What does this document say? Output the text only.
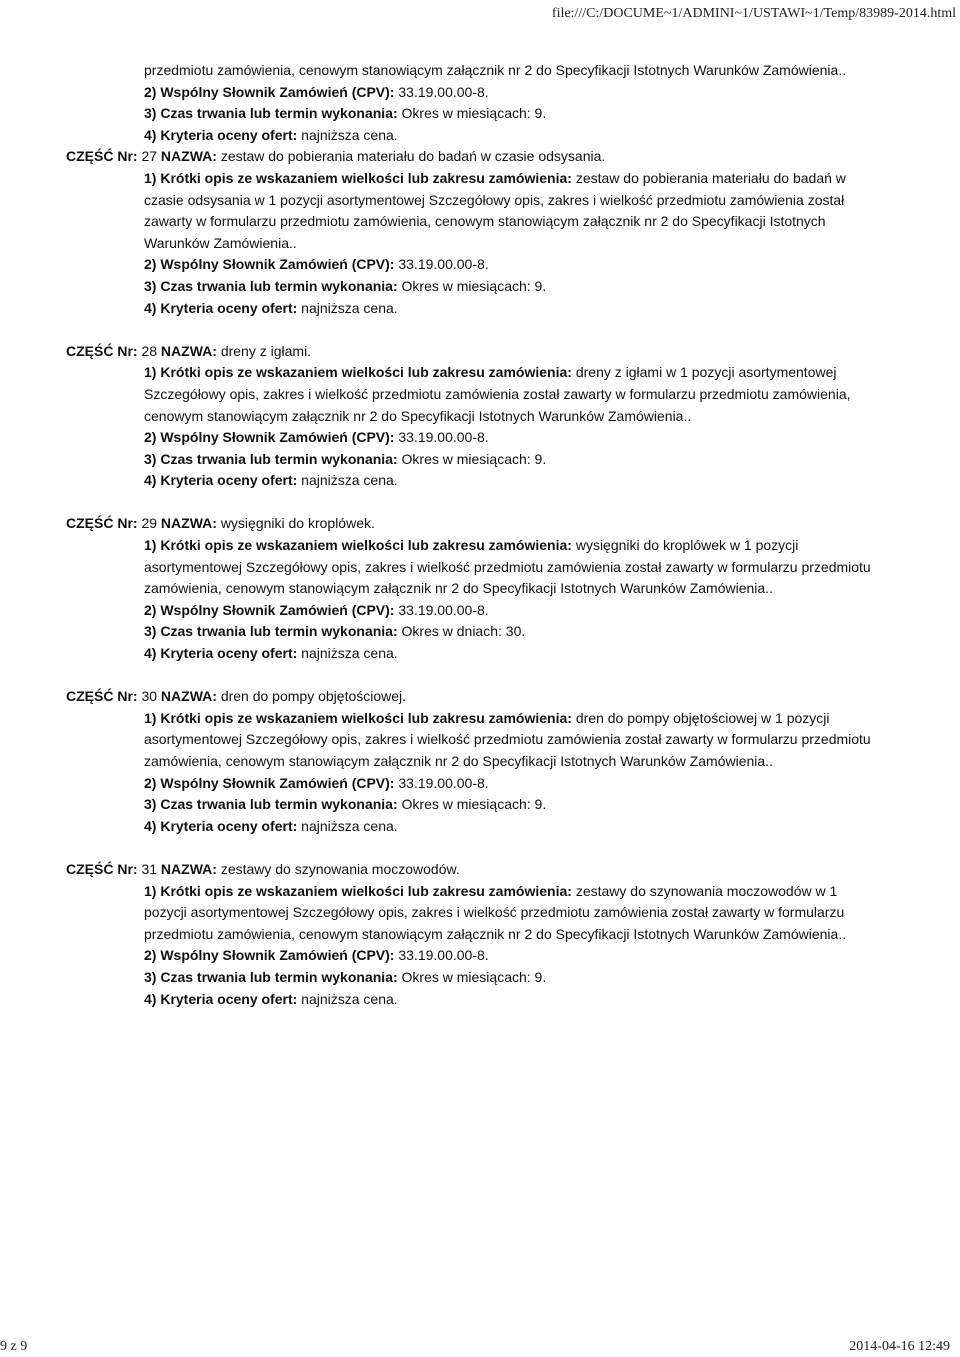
file:///C:/DOCUME~1/ADMINI~1/USTAWI~1/Temp/83989-2014.html
przedmiotu zamówienia, cenowym stanowiącym załącznik nr 2 do Specyfikacji Istotnych Warunków Zamówienia..
2) Wspólny Słownik Zamówień (CPV): 33.19.00.00-8.
3) Czas trwania lub termin wykonania: Okres w miesiącach: 9.
4) Kryteria oceny ofert: najniższa cena.
CZĘŚĆ Nr: 27 NAZWA: zestaw do pobierania materiału do badań w czasie odsysania.
1) Krótki opis ze wskazaniem wielkości lub zakresu zamówienia: zestaw do pobierania materiału do badań w
czasie odsysania w 1 pozycji asortymentowej Szczegółowy opis, zakres i wielkość przedmiotu zamówienia został
zawarty w formularzu przedmiotu zamówienia, cenowym stanowiącym załącznik nr 2 do Specyfikacji Istotnych
Warunków Zamówienia..
2) Wspólny Słownik Zamówień (CPV): 33.19.00.00-8.
3) Czas trwania lub termin wykonania: Okres w miesiącach: 9.
4) Kryteria oceny ofert: najniższa cena.
CZĘŚĆ Nr: 28 NAZWA: dreny z igłami.
1) Krótki opis ze wskazaniem wielkości lub zakresu zamówienia: dreny z igłami w 1 pozycji asortymentowej
Szczegółowy opis, zakres i wielkość przedmiotu zamówienia został zawarty w formularzu przedmiotu zamówienia,
cenowym stanowiącym załącznik nr 2 do Specyfikacji Istotnych Warunków Zamówienia..
2) Wspólny Słownik Zamówień (CPV): 33.19.00.00-8.
3) Czas trwania lub termin wykonania: Okres w miesiącach: 9.
4) Kryteria oceny ofert: najniższa cena.
CZĘŚĆ Nr: 29 NAZWA: wysięgniki do kroplówek.
1) Krótki opis ze wskazaniem wielkości lub zakresu zamówienia: wysięgniki do kroplówek w 1 pozycji
asortymentowej Szczegółowy opis, zakres i wielkość przedmiotu zamówienia został zawarty w formularzu przedmiotu
zamówienia, cenowym stanowiącym załącznik nr 2 do Specyfikacji Istotnych Warunków Zamówienia..
2) Wspólny Słownik Zamówień (CPV): 33.19.00.00-8.
3) Czas trwania lub termin wykonania: Okres w dniach: 30.
4) Kryteria oceny ofert: najniższa cena.
CZĘŚĆ Nr: 30 NAZWA: dren do pompy objętościowej.
1) Krótki opis ze wskazaniem wielkości lub zakresu zamówienia: dren do pompy objętościowej w 1 pozycji
asortymentowej Szczegółowy opis, zakres i wielkość przedmiotu zamówienia został zawarty w formularzu przedmiotu
zamówienia, cenowym stanowiącym załącznik nr 2 do Specyfikacji Istotnych Warunków Zamówienia..
2) Wspólny Słownik Zamówień (CPV): 33.19.00.00-8.
3) Czas trwania lub termin wykonania: Okres w miesiącach: 9.
4) Kryteria oceny ofert: najniższa cena.
CZĘŚĆ Nr: 31 NAZWA: zestawy do szynowania moczowodów.
1) Krótki opis ze wskazaniem wielkości lub zakresu zamówienia: zestawy do szynowania moczowodów w 1
pozycji asortymentowej Szczegółowy opis, zakres i wielkość przedmiotu zamówienia został zawarty w formularzu
przedmiotu zamówienia, cenowym stanowiącym załącznik nr 2 do Specyfikacji Istotnych Warunków Zamówienia..
2) Wspólny Słownik Zamówień (CPV): 33.19.00.00-8.
3) Czas trwania lub termin wykonania: Okres w miesiącach: 9.
4) Kryteria oceny ofert: najniższa cena.
9 z 9	2014-04-16 12:49
